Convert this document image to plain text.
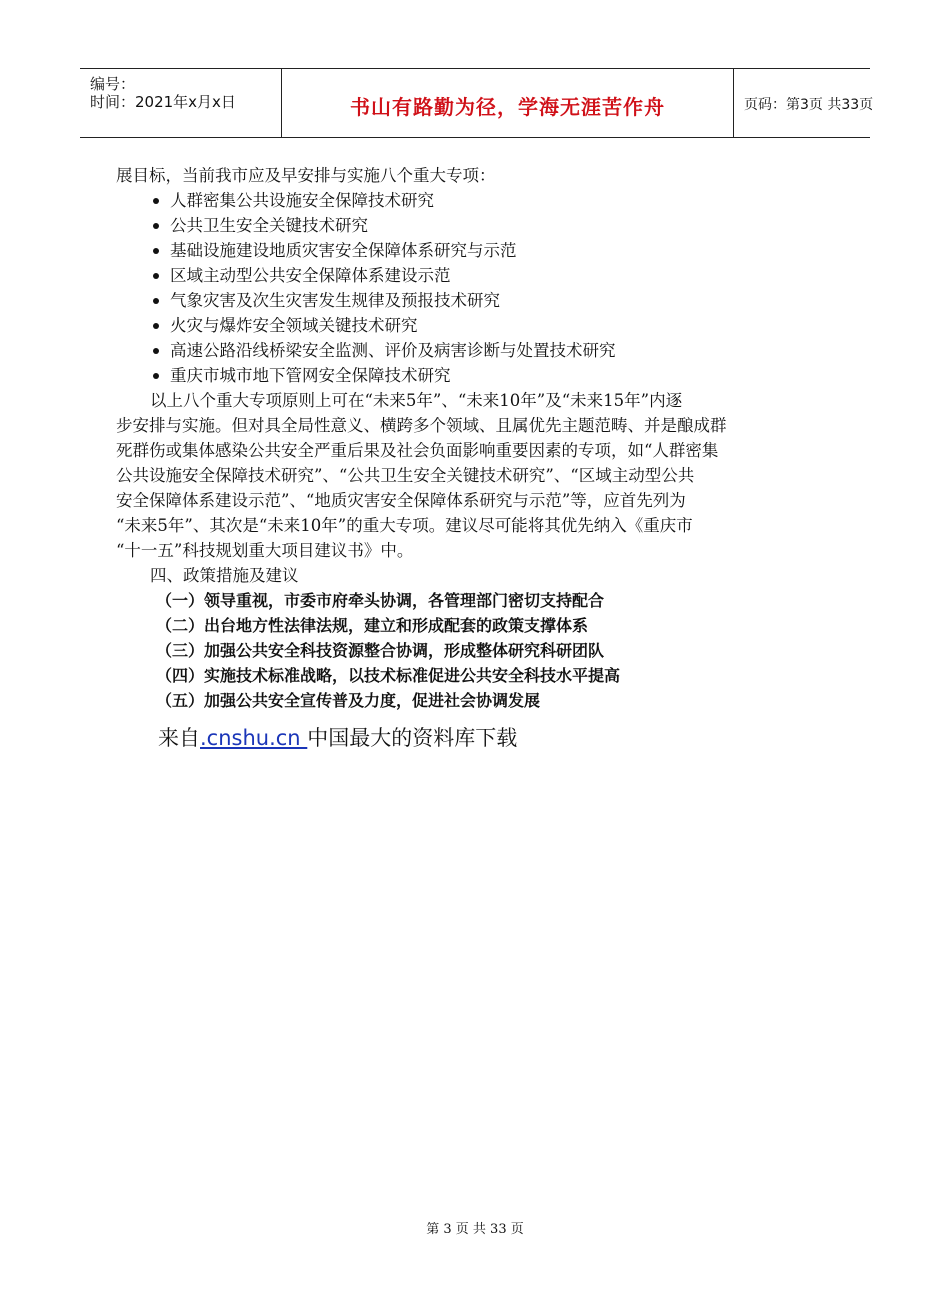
编号：
时间：2021年x月x日	书山有路勤为径，学海无涯苦作舟	页码：第3页 共33页
展目标，当前我市应及早安排与实施八个重大专项：
人群密集公共设施安全保障技术研究
公共卫生安全关键技术研究
基础设施建设地质灾害安全保障体系研究与示范
区域主动型公共安全保障体系建设示范
气象灾害及次生灾害发生规律及预报技术研究
火灾与爆炸安全领域关键技术研究
高速公路沿线桥梁安全监测、评价及病害诊断与处置技术研究
重庆市城市地下管网安全保障技术研究
以上八个重大专项原则上可在“未来5年”、“未来10年”及“未来15年”内逐
步安排与实施。但对具全局性意义、横跨多个领域、且属优先主题范畴、并是酿成群
死群伤或集体感染公共安全严重后果及社会负面影响重要因素的专项，如“人群密集
公共设施安全保障技术研究”、“公共卫生安全关键技术研究”、“区域主动型公共
安全保障体系建设示范”、“地质灾害安全保障体系研究与示范”等，应首先列为
“未来5年”、其次是“未来10年”的重大专项。建议尽可能将其优先纳入《重庆市
“十一五”科技规划重大项目建议书》中。
四、政策措施及建议
（一）领导重视，市委市府牵头协调，各管理部门密切支持配合
（二）出台地方性法律法规，建立和形成配套的政策支撑体系
（三）加强公共安全科技资源整合协调，形成整体研究科研团队
（四）实施技术标准战略，以技术标准促进公共安全科技水平提高
（五）加强公共安全宣传普及力度，促进社会协调发展
来自.cnshu.cn 中国最大的资料库下载
第 3 页 共 33 页
